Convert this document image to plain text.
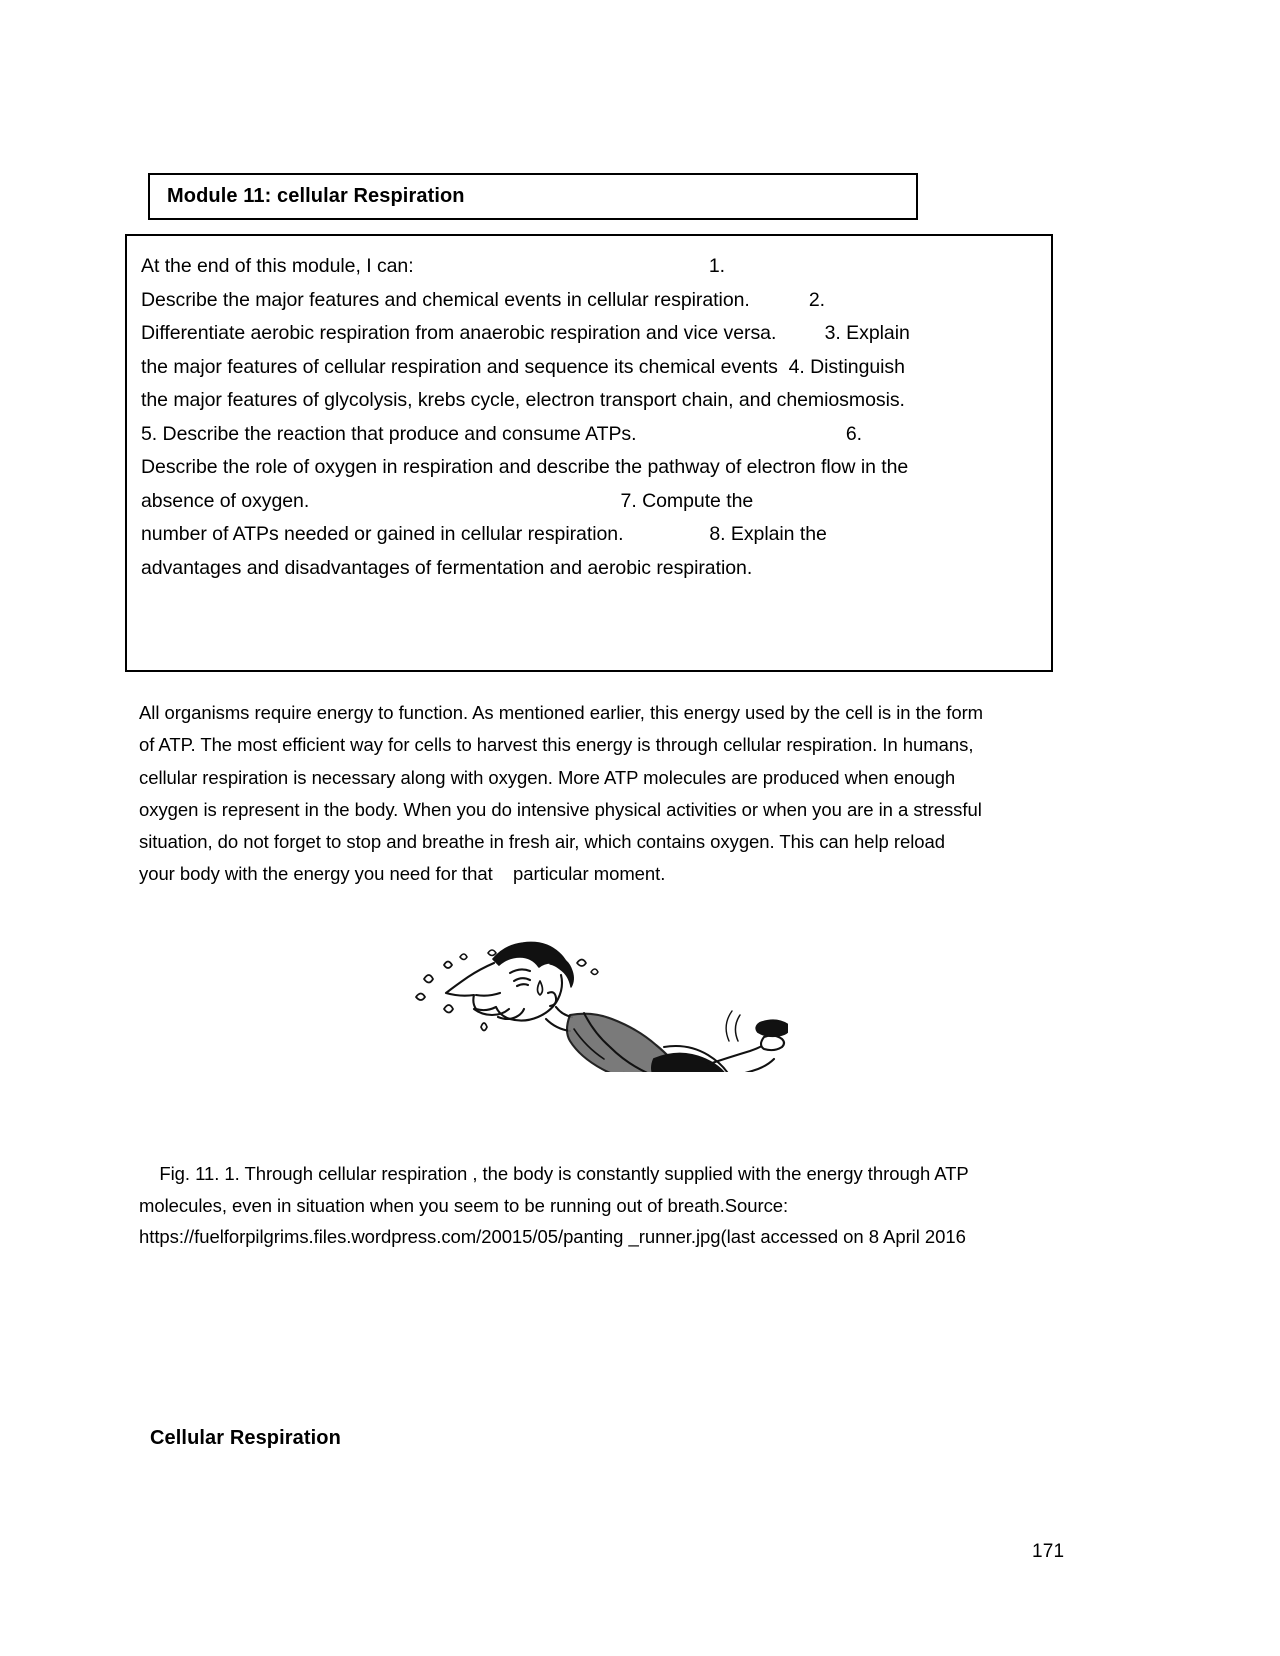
Module 11: cellular Respiration
At the end of this module, I can:                                                       1.
Describe the major features and chemical events in cellular respiration.           2.
Differentiate aerobic respiration from anaerobic respiration and vice versa.         3. Explain
the major features of cellular respiration and sequence its chemical events  4. Distinguish
the major features of glycolysis, krebs cycle, electron transport chain, and chemiosmosis.
5. Describe the reaction that produce and consume ATPs.                                       6.
Describe the role of oxygen in respiration and describe the pathway of electron flow in the
absence of oxygen.                                                          7. Compute the
number of ATPs needed or gained in cellular respiration.                8. Explain the
advantages and disadvantages of fermentation and aerobic respiration.
All organisms require energy to function. As mentioned earlier, this energy used by the cell is in the form
of ATP. The most efficient way for cells to harvest this energy is through cellular respiration. In humans,
cellular respiration is necessary along with oxygen. More ATP molecules are produced when enough
oxygen is represent in the body. When you do intensive physical activities or when you are in a stressful
situation, do not forget to stop and breathe in fresh air, which contains oxygen. This can help reload
your body with the energy you need for that    particular moment.
Fig. 11. 1. Through cellular respiration , the body is constantly supplied with the energy through ATP
molecules, even in situation when you seem to be running out of breath.Source:
https://fuelforpilgrims.files.wordpress.com/20015/05/panting _runner.jpg(last accessed on 8 April 2016
Cellular Respiration
171
